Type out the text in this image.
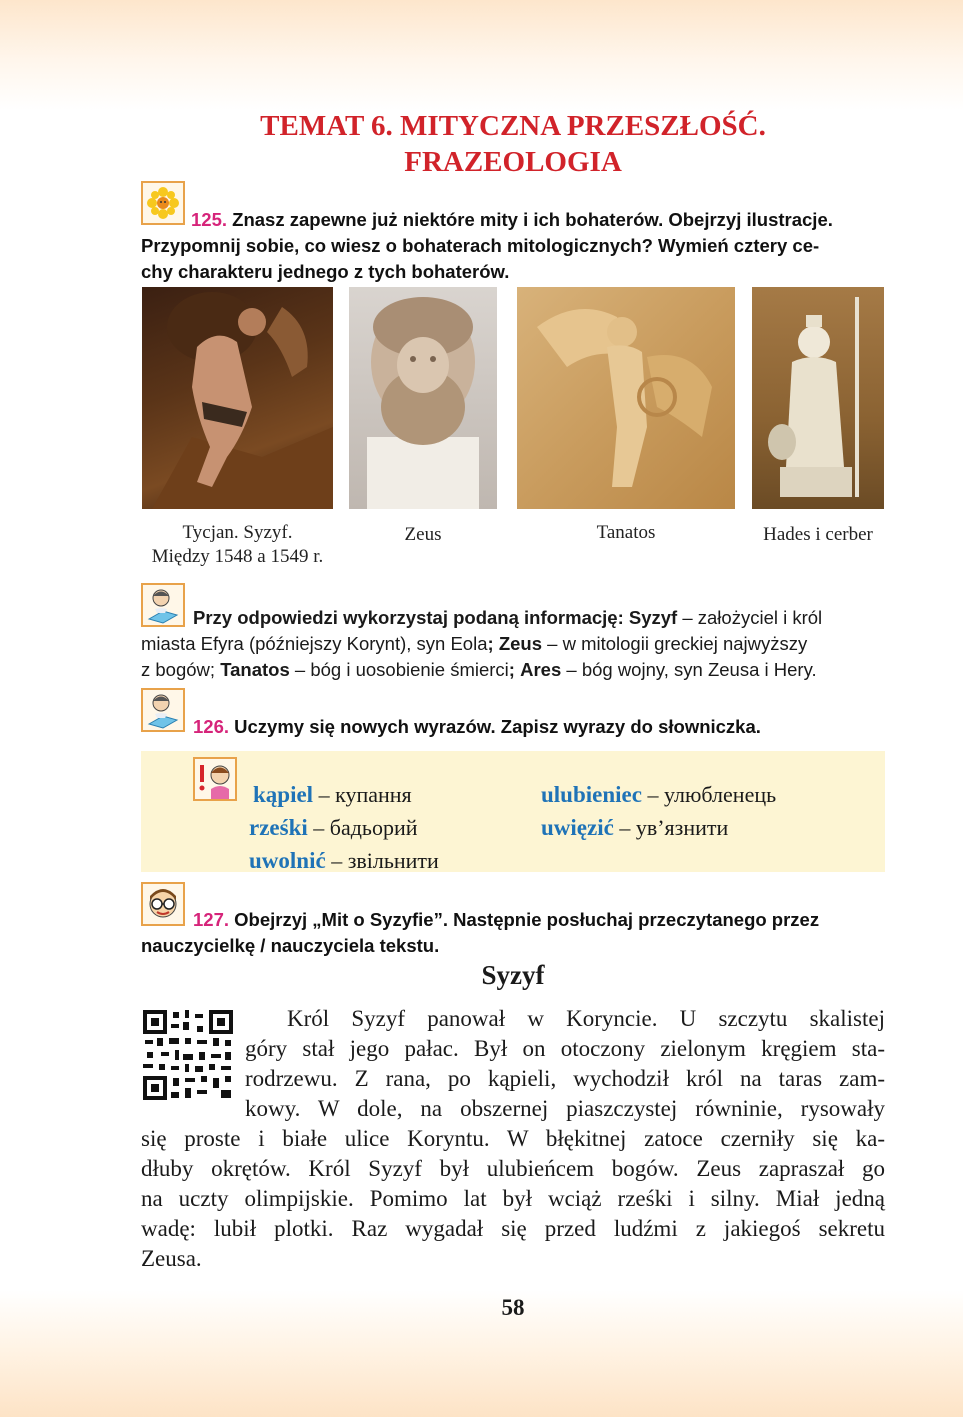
TEMAT 6. MITYCZNA PRZESZŁOŚĆ.
FRAZEOLOGIA
125. Znasz zapewne już niektóre mity i ich bohaterów. Obejrzyj ilustracje.
Przypomnij sobie, co wiesz o bohaterach mitologicznych? Wymień cztery ce-
chy charakteru jednego z tych bohaterów.
Tycjan. Syzyf.
Między 1548 a 1549 r.
Zeus	Tanatos	Hades i cerber
Przy odpowiedzi wykorzystaj podaną informację: Syzyf – założyciel i król
miasta Efyra (późniejszy Korynt), syn Eola; Zeus – w mitologii greckiej najwyższy
z bogów; Tanatos – bóg i uosobienie śmierci; Ares – bóg wojny, syn Zeusa i Hery.
126. Uczymy się nowych wyrazów. Zapisz wyrazy do słowniczka.
kąpiel – купання
rześki – бадьорий
uwolnić – звільнити
ulubieniec – улюбленець
uwięzić – ув’язнити
127. Obejrzyj „Mit o Syzyfie”. Następnie posłuchaj przeczytanego przez
nauczycielkę / nauczyciela tekstu.
Syzyf
Król Syzyf panował w Koryncie. U szczytu skalistej
góry stał jego pałac. Był on otoczony zielonym kręgiem sta-
rodrzewu. Z rana, po kąpieli, wychodził król na taras zam-
kowy. W dole, na obszernej piaszczystej równinie, rysowały
się proste i białe ulice Koryntu. W błękitnej zatoce czerniły się ka-
dłuby okrętów. Król Syzyf był ulubieńcem bogów. Zeus zapraszał go
na uczty olimpijskie. Pomimo lat był wciąż rześki i silny. Miał jedną
wadę: lubił plotki. Raz wygadał się przed ludźmi z jakiegoś sekretu
Zeusa.
58
